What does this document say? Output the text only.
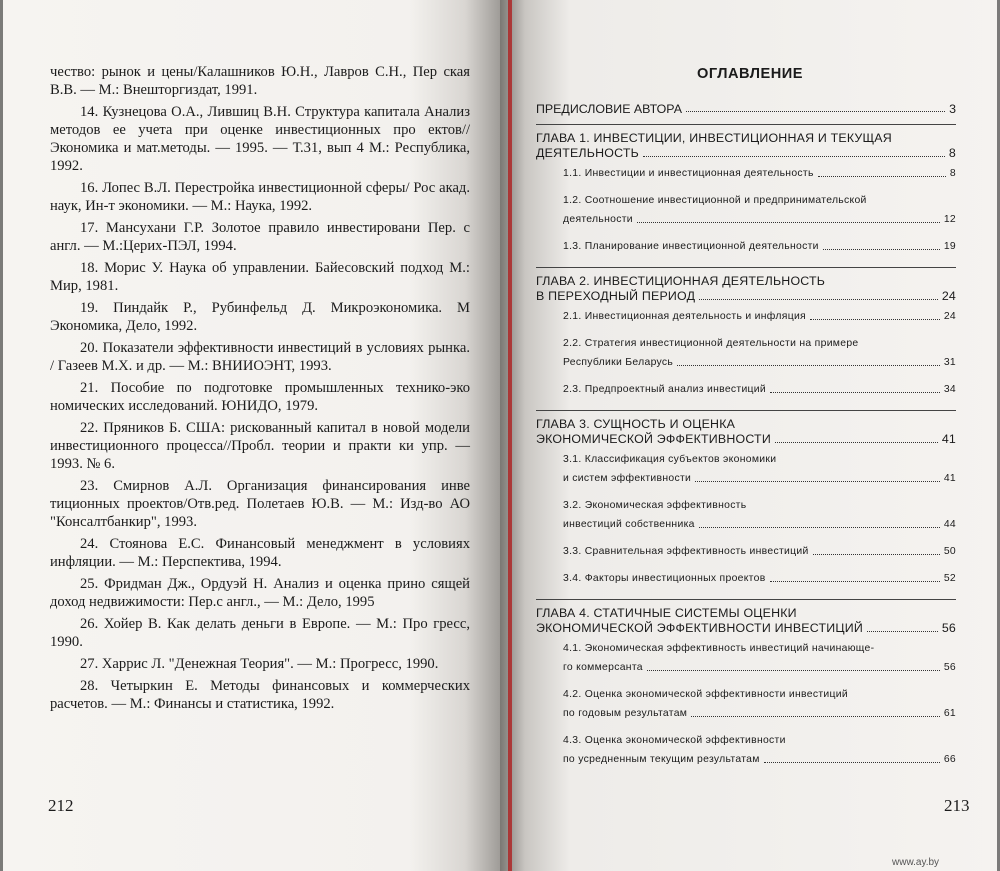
чество: рынок и цены/Калашников Ю.Н., Лавров С.Н., Пер ская В.В. — М.: Внешторгиздат, 1991.

14. Кузнецова О.А., Лившиц В.Н. Структура капитала Анализ методов ее учета при оценке инвестиционных про ектов//Экономика и мат.методы. — 1995. — Т.31, вып 4 М.: Республика, 1992.

16. Лопес В.Л. Перестройка инвестиционной сферы/ Рос акад. наук, Ин-т экономики. — М.: Наука, 1992.

17. Мансухани Г.Р. Золотое правило инвестировани Пер. с англ. — М.:Церих-ПЭЛ, 1994.

18. Морис У. Наука об управлении. Байесовский подход М.: Мир, 1981.

19. Пиндайк Р., Рубинфельд Д. Микроэкономика. М Экономика, Дело, 1992.

20. Показатели эффективности инвестиций в условиях рынка. / Газеев М.Х. и др. — М.: ВНИИОЭНТ, 1993.

21. Пособие по подготовке промышленных технико-эко номических исследований. ЮНИДО, 1979.

22. Пряников Б. США: рискованный капитал в новой модели инвестиционного процесса//Пробл. теории и практи ки упр. — 1993. № 6.

23. Смирнов А.Л. Организация финансирования инве тиционных проектов/Отв.ред. Полетаев Ю.В. — М.: Изд-во АО "Консалтбанкир", 1993.

24. Стоянова Е.С. Финансовый менеджмент в условиях инфляции. — М.: Перспектива, 1994.

25. Фридман Дж., Ордуэй Н. Анализ и оценка прино сящей доход недвижимости: Пер.с англ., — М.: Дело, 1995

26. Хойер В. Как делать деньги в Европе. — М.: Про гресс, 1990.

27. Харрис Л. "Денежная Теория". — М.: Прогресс, 1990.

28. Четыркин Е. Методы финансовых и коммерческих расчетов. — М.: Финансы и статистика, 1992.

212
ОГЛАВЛЕНИЕ
ПРЕДИСЛОВИЕ АВТОРА	3
ГЛАВА 1. ИНВЕСТИЦИИ, ИНВЕСТИЦИОННАЯ И ТЕКУЩАЯ
ДЕЯТЕЛЬНОСТЬ	8
1.1. Инвестиции и инвестиционная деятельность	8
1.2. Соотношение инвестиционной и предпринимательской
деятельности	12
1.3. Планирование инвестиционной деятельности	19
ГЛАВА 2. ИНВЕСТИЦИОННАЯ ДЕЯТЕЛЬНОСТЬ
В ПЕРЕХОДНЫЙ ПЕРИОД	24
2.1. Инвестиционная деятельность и инфляция	24
2.2. Стратегия инвестиционной деятельности на примере
Республики Беларусь	31
2.3. Предпроектный анализ инвестиций	34
ГЛАВА 3. СУЩНОСТЬ И ОЦЕНКА
ЭКОНОМИЧЕСКОЙ ЭФФЕКТИВНОСТИ	41
3.1. Классификация субъектов экономики
и систем эффективности	41
3.2. Экономическая эффективность
инвестиций собственника	44
3.3. Сравнительная эффективность инвестиций	50
3.4. Факторы инвестиционных проектов	52
ГЛАВА 4. СТАТИЧНЫЕ СИСТЕМЫ ОЦЕНКИ
ЭКОНОМИЧЕСКОЙ ЭФФЕКТИВНОСТИ ИНВЕСТИЦИЙ	56
4.1. Экономическая эффективность инвестиций начинающе-
го коммерсанта	56
4.2. Оценка экономической эффективности инвестиций
по годовым результатам	61
4.3. Оценка экономической эффективности
по усредненным текущим результатам	66
213
www.ay.by
